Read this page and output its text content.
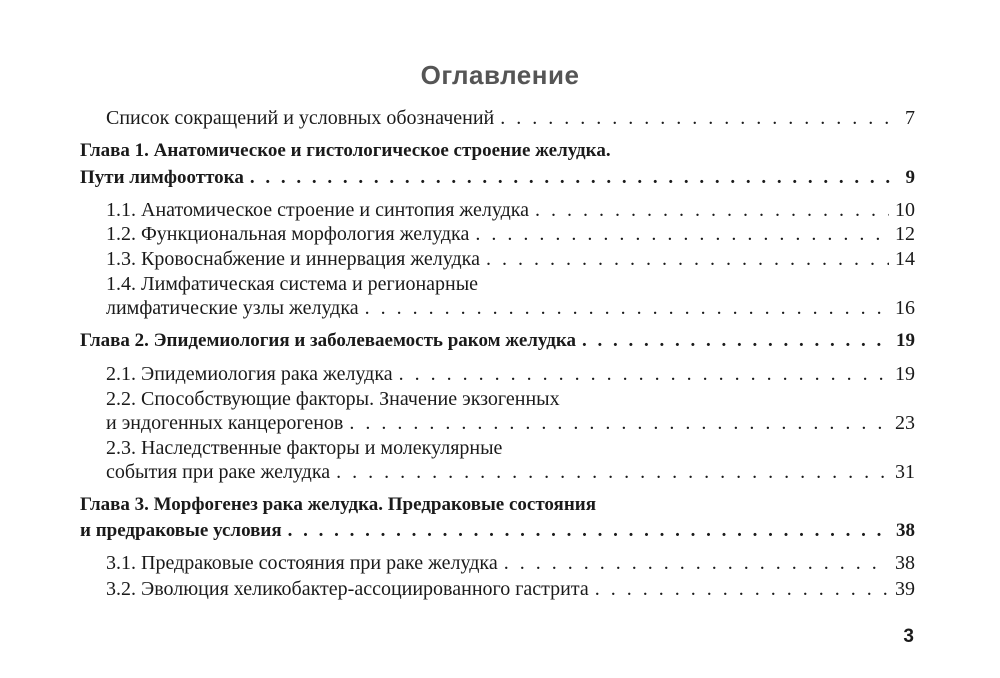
Оглавление
Список сокращений и условных обозначений . . .	7
Глава 1. Анатомическое и гистологическое строение желудка.
Пути лимфооттока . . .	9
1.1. Анатомическое строение и синтопия желудка . . .	10
1.2. Функциональная морфология желудка . . .	12
1.3. Кровоснабжение и иннервация желудка . . .	14
1.4. Лимфатическая система и регионарные
лимфатические узлы желудка . . .	16
Глава 2. Эпидемиология и заболеваемость раком желудка . . .	19
2.1. Эпидемиология рака желудка . . .	19
2.2. Способствующие факторы. Значение экзогенных
и эндогенных канцерогенов . . .	23
2.3. Наследственные факторы и молекулярные
события при раке желудка . . .	31
Глава 3. Морфогенез рака желудка. Предраковые состояния
и предраковые условия . . .	38
3.1. Предраковые состояния при раке желудка . . .	38
3.2. Эволюция хеликобактер-ассоциированного гастрита . . .	39
3
